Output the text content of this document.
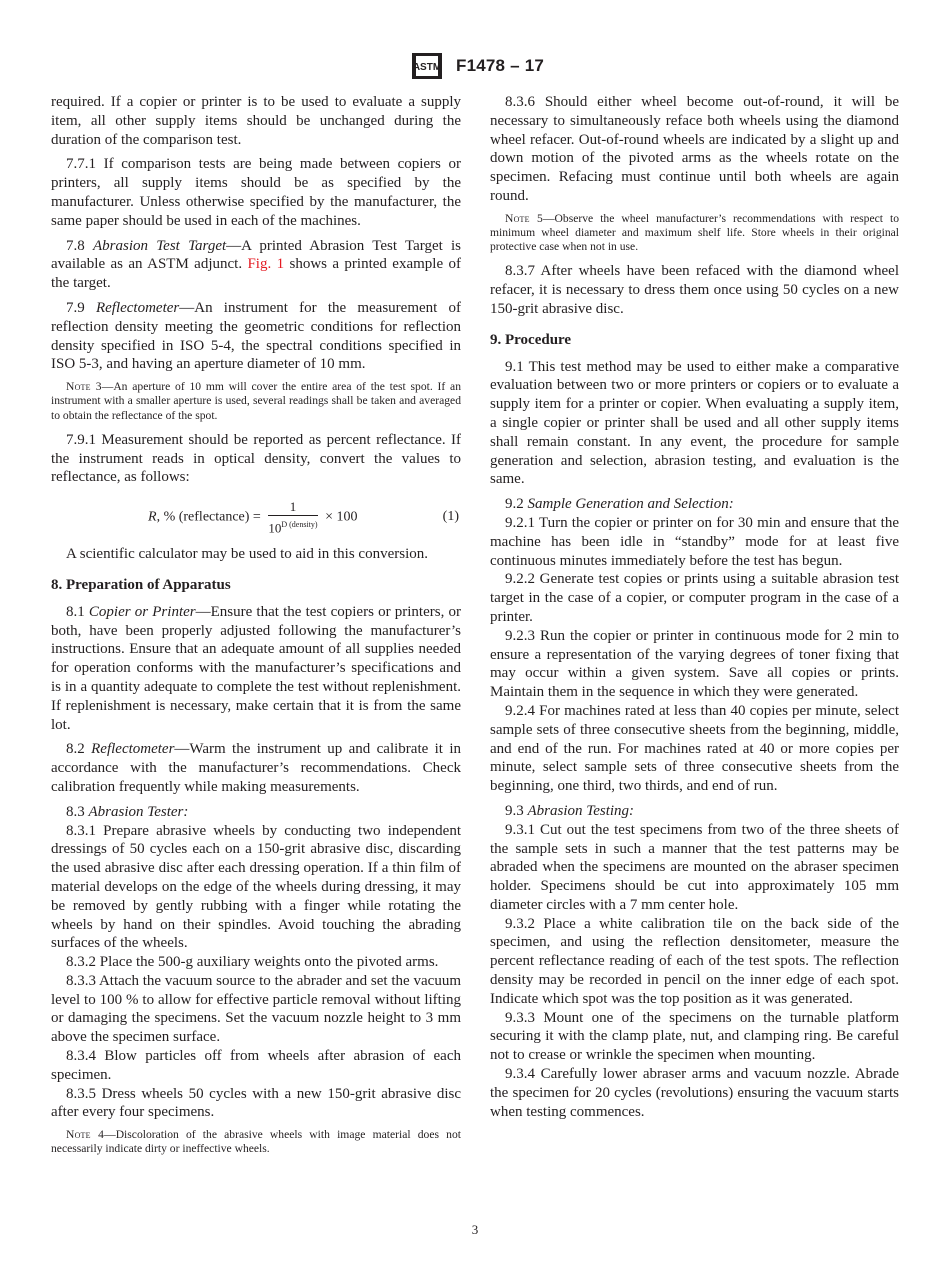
ASTM F1478 – 17

required. If a copier or printer is to be used to evaluate a supply item, all other supply items should be unchanged during the duration of the comparison test.

7.7.1 If comparison tests are being made between copiers or printers, all supply items should be as specified by the manufacturer. Unless otherwise specified by the manufacturer, the same paper should be used in each of the machines.

7.8 Abrasion Test Target—A printed Abrasion Test Target is available as an ASTM adjunct. Fig. 1 shows a printed example of the target.

7.9 Reflectometer—An instrument for the measurement of reflection density meeting the geometric conditions for reflection density specified in ISO 5-4, the spectral conditions specified in ISO 5-3, and having an aperture diameter of 10 mm.

Note 3—An aperture of 10 mm will cover the entire area of the test spot. If an instrument with a smaller aperture is used, several readings shall be taken and averaged to obtain the reflectance of the spot.

7.9.1 Measurement should be reported as percent reflectance. If the instrument reads in optical density, convert the values to reflectance, as follows:

R, % (reflectance) = $\frac{1}{10^{D (density)}} \times 100$	(1)

A scientific calculator may be used to aid in this conversion.

8. Preparation of Apparatus

8.1 Copier or Printer—Ensure that the test copiers or printers, or both, have been properly adjusted following the manufacturer’s instructions. Ensure that an adequate amount of all supplies needed for operation conforms with the manufacturer’s specifications and is in a quantity adequate to complete the test without replenishment. If replenishment is necessary, make certain that it is from the same lot.

8.2 Reflectometer—Warm the instrument up and calibrate it in accordance with the manufacturer’s recommendations. Check calibration frequently while making measurements.

8.3 Abrasion Tester:

8.3.1 Prepare abrasive wheels by conducting two independent dressings of 50 cycles each on a 150-grit abrasive disc, discarding the used abrasive disc after each dressing operation. If a thin film of material develops on the edge of the wheels during dressing, it may be removed by gently rubbing with a finger while rotating the wheels by hand on their spindles. Avoid touching the abrading surfaces of the wheels.

8.3.2 Place the 500-g auxiliary weights onto the pivoted arms.

8.3.3 Attach the vacuum source to the abrader and set the vacuum level to 100 % to allow for effective particle removal without lifting or damaging the specimens. Set the vacuum nozzle height to 3 mm above the specimen surface.

8.3.4 Blow particles off from wheels after abrasion of each specimen.

8.3.5 Dress wheels 50 cycles with a new 150-grit abrasive disc after every four specimens.

Note 4—Discoloration of the abrasive wheels with image material does not necessarily indicate dirty or ineffective wheels.

8.3.6 Should either wheel become out-of-round, it will be necessary to simultaneously reface both wheels using the diamond wheel refacer. Out-of-round wheels are indicated by a slight up and down motion of the pivoted arms as the wheels rotate on the specimen. Refacing must continue until both wheels are again round.

Note 5—Observe the wheel manufacturer’s recommendations with respect to minimum wheel diameter and maximum shelf life. Store wheels in their original protective case when not in use.

8.3.7 After wheels have been refaced with the diamond wheel refacer, it is necessary to dress them once using 50 cycles on a new 150-grit abrasive disc.

9. Procedure

9.1 This test method may be used to either make a comparative evaluation between two or more printers or copiers or to evaluate a supply item for a printer or copier. When evaluating a supply item, a single copier or printer shall be used and all other supply items shall remain constant. In any event, the procedure for sample generation and selection, abrasion testing, and evaluation is the same.

9.2 Sample Generation and Selection:

9.2.1 Turn the copier or printer on for 30 min and ensure that the machine has been idle in “standby” mode for at least five continuous minutes immediately before the test has begun.

9.2.2 Generate test copies or prints using a suitable abrasion test target in the case of a copier, or computer program in the case of a printer.

9.2.3 Run the copier or printer in continuous mode for 2 min to ensure a representation of the varying degrees of toner fixing that may occur within a given system. Save all copies or prints. Maintain them in the sequence in which they were generated.

9.2.4 For machines rated at less than 40 copies per minute, select sample sets of three consecutive sheets from the beginning, middle, and end of the run. For machines rated at 40 or more copies per minute, select sample sets of three consecutive sheets from the beginning, one third, two thirds, and end of run.

9.3 Abrasion Testing:

9.3.1 Cut out the test specimens from two of the three sheets of the sample sets in such a manner that the test patterns may be abraded when the specimens are mounted on the abraser specimen holder. Specimens should be cut into approximately 105 mm diameter circles with a 7 mm center hole.

9.3.2 Place a white calibration tile on the back side of the specimen, and using the reflection densitometer, measure the percent reflectance reading of each of the test spots. The reflection density may be recorded in pencil on the inner edge of each spot. Indicate which spot was the top position as it was generated.

9.3.3 Mount one of the specimens on the turnable platform securing it with the clamp plate, nut, and clamping ring. Be careful not to crease or wrinkle the specimen when mounting.

9.3.4 Carefully lower abraser arms and vacuum nozzle. Abrade the specimen for 20 cycles (revolutions) ensuring the vacuum starts when testing commences.

3
